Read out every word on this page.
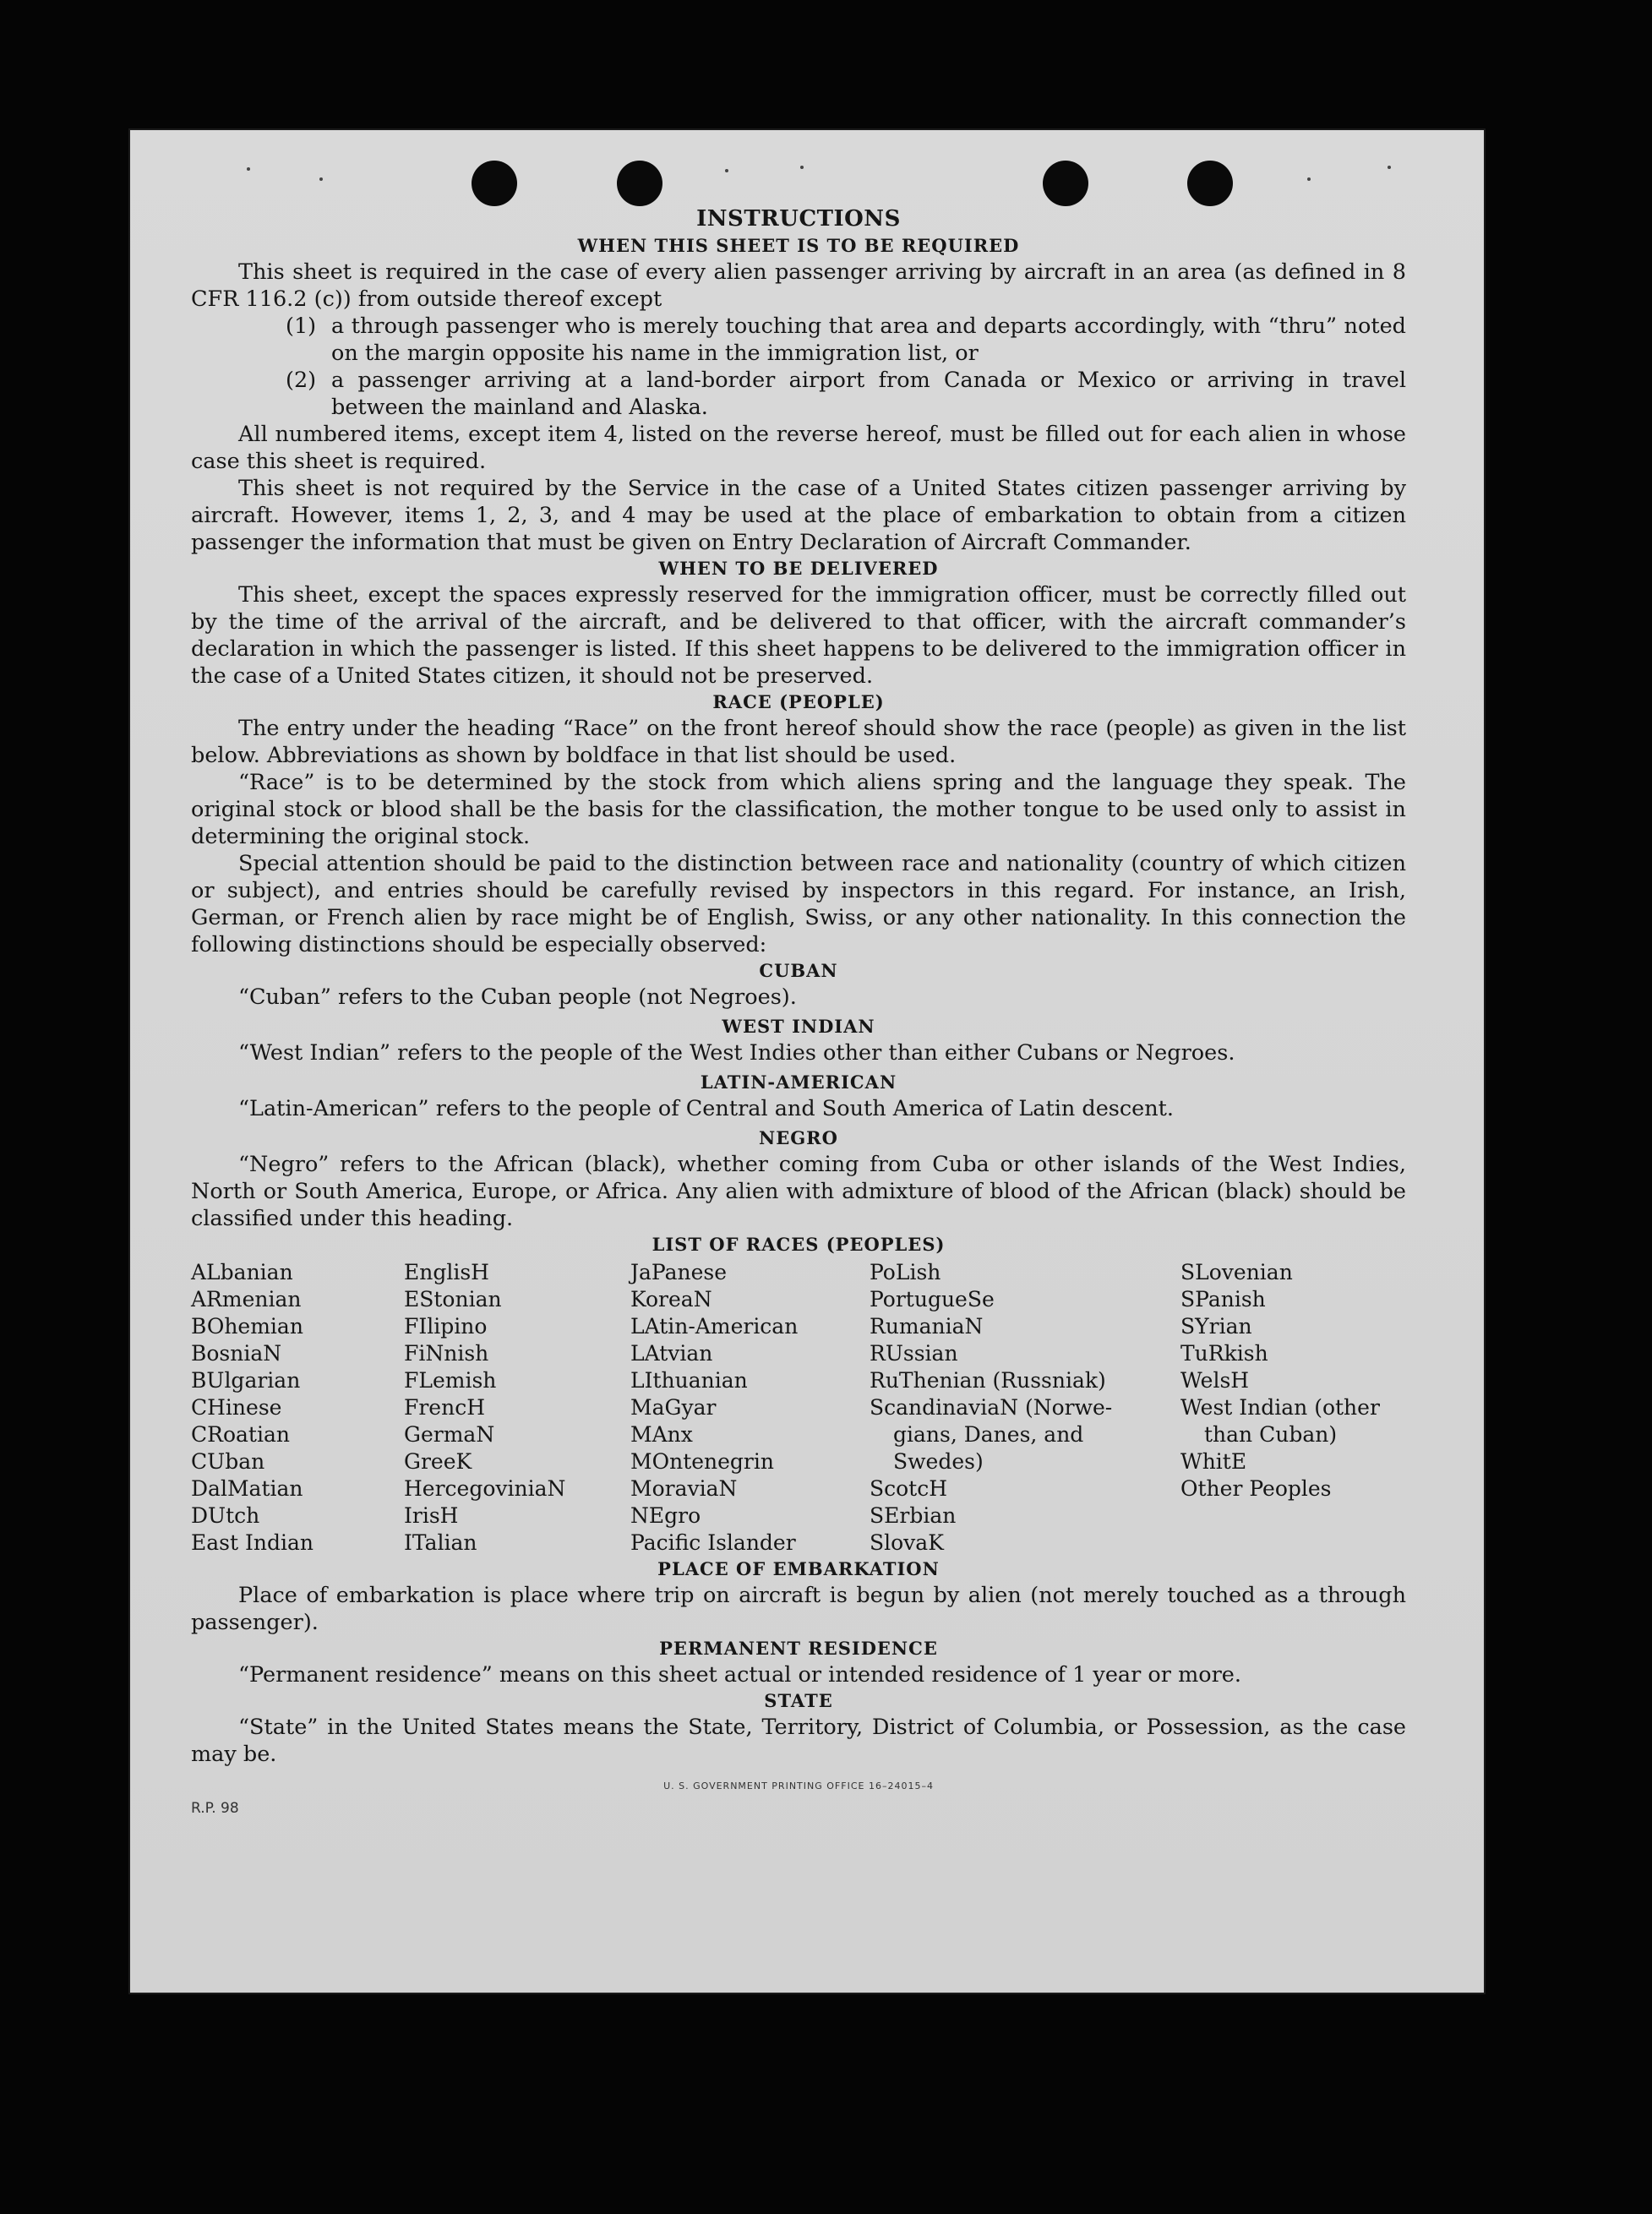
INSTRUCTIONS
WHEN THIS SHEET IS TO BE REQUIRED

This sheet is required in the case of every alien passenger arriving by aircraft in an area (as defined in 8 CFR 116.2 (c)) from outside thereof except

(1) a through passenger who is merely touching that area and departs accordingly, with “thru” noted on the margin opposite his name in the immigration list, or
(2) a passenger arriving at a land-border airport from Canada or Mexico or arriving in travel between the mainland and Alaska.

All numbered items, except item 4, listed on the reverse hereof, must be filled out for each alien in whose case this sheet is required.

This sheet is not required by the Service in the case of a United States citizen passenger arriving by aircraft. However, items 1, 2, 3, and 4 may be used at the place of embarkation to obtain from a citizen passenger the information that must be given on Entry Declaration of Aircraft Commander.

WHEN TO BE DELIVERED

This sheet, except the spaces expressly reserved for the immigration officer, must be correctly filled out by the time of the arrival of the aircraft, and be delivered to that officer, with the aircraft commander’s declaration in which the passenger is listed. If this sheet happens to be delivered to the immigration officer in the case of a United States citizen, it should not be preserved.

RACE (PEOPLE)

The entry under the heading “Race” on the front hereof should show the race (people) as given in the list below. Abbreviations as shown by boldface in that list should be used.

“Race” is to be determined by the stock from which aliens spring and the language they speak. The original stock or blood shall be the basis for the classification, the mother tongue to be used only to assist in determining the original stock.

Special attention should be paid to the distinction between race and nationality (country of which citizen or subject), and entries should be carefully revised by inspectors in this regard. For instance, an Irish, German, or French alien by race might be of English, Swiss, or any other nationality. In this connection the following distinctions should be especially observed:

CUBAN

“Cuban” refers to the Cuban people (not Negroes).

WEST INDIAN

“West Indian” refers to the people of the West Indies other than either Cubans or Negroes.

LATIN-AMERICAN

“Latin-American” refers to the people of Central and South America of Latin descent.

NEGRO

“Negro” refers to the African (black), whether coming from Cuba or other islands of the West Indies, North or South America, Europe, or Africa. Any alien with admixture of blood of the African (black) should be classified under this heading.

LIST OF RACES (PEOPLES)
ALbanian
ARmenian
BOhemian
BosniaN
BUlgarian
CHinese
CRoatian
CUban
DalMatian
DUtch
East Indian
EnglisH
EStonian
FIlipino
FiNnish
FLemish
FrencH
GermaN
GreeK
HercegoviniaN
IrisH
ITalian
JaPanese
KoreaN
LAtin-American
LAtvian
LIthuanian
MaGyar
MAnx
MOntenegrin
MoraviaN
NEgro
Pacific Islander
PoLish
PortugueSe
RumaniaN
RUssian
RuThenian (Russniak)
ScandinaviaN (Norwe-
gians, Danes, and
Swedes)
ScotcH
SErbian
SlovaK
SLovenian
SPanish
SYrian
TuRkish
WelsH
West Indian (other
than Cuban)
WhitE
Other Peoples
PLACE OF EMBARKATION

Place of embarkation is place where trip on aircraft is begun by alien (not merely touched as a through passenger).

PERMANENT RESIDENCE

“Permanent residence” means on this sheet actual or intended residence of 1 year or more.

STATE

“State” in the United States means the State, Territory, District of Columbia, or Possession, as the case may be.

U. S. GOVERNMENT PRINTING OFFICE 16–24015–4
R.P. 98
